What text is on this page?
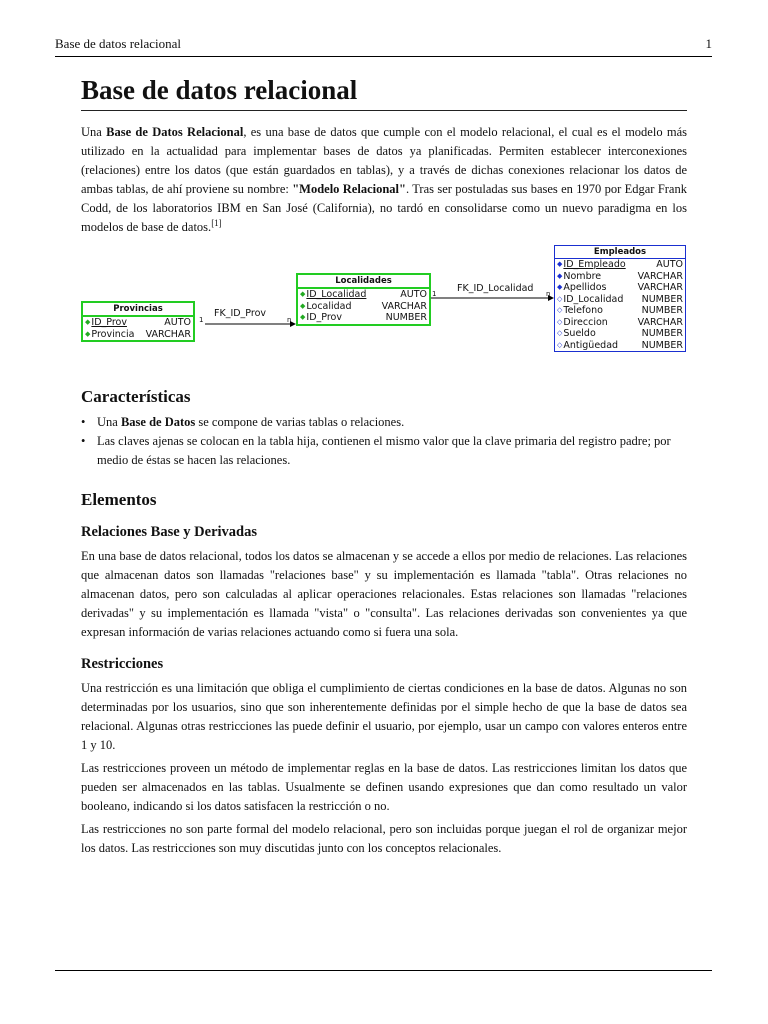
Base de datos relacional	1
Base de datos relacional

Una Base de Datos Relacional, es una base de datos que cumple con el modelo relacional, el cual es el modelo más utilizado en la actualidad para implementar bases de datos ya planificadas. Permiten establecer interconexiones (relaciones) entre los datos (que están guardados en tablas), y a través de dichas conexiones relacionar los datos de ambas tablas, de ahí proviene su nombre: "Modelo Relacional". Tras ser postuladas sus bases en 1970 por Edgar Frank Codd, de los laboratorios IBM en San José (California), no tardó en consolidarse como un nuevo paradigma en los modelos de base de datos.[1]

FK_ID_Prov
1	n
FK_ID_Localidad
1	n
Provincias
◆ ID_Prov	AUTO
◆ Provincia	VARCHAR
Localidades
◆ ID_Localidad	AUTO
◆ Localidad	VARCHAR
◆ ID_Prov	NUMBER
Empleados
◆ ID_Empleado	AUTO
◆ Nombre	VARCHAR
◆ Apellidos	VARCHAR
◇ ID_Localidad	NUMBER
◇ Telefono	NUMBER
◇ Direccion	VARCHAR
◇ Sueldo	NUMBER
◇ Antigüedad	NUMBER
Características
• Una Base de Datos se compone de varias tablas o relaciones.
• Las claves ajenas se colocan en la tabla hija, contienen el mismo valor que la clave primaria del registro padre; por medio de éstas se hacen las relaciones.
Elementos
Relaciones Base y Derivadas

En una base de datos relacional, todos los datos se almacenan y se accede a ellos por medio de relaciones. Las relaciones que almacenan datos son llamadas "relaciones base" y su implementación es llamada "tabla". Otras relaciones no almacenan datos, pero son calculadas al aplicar operaciones relacionales. Estas relaciones son llamadas "relaciones derivadas" y su implementación es llamada "vista" o "consulta". Las relaciones derivadas son convenientes ya que expresan información de varias relaciones actuando como si fuera una sola.

Restricciones

Una restricción es una limitación que obliga el cumplimiento de ciertas condiciones en la base de datos. Algunas no son determinadas por los usuarios, sino que son inherentemente definidas por el simple hecho de que la base de datos sea relacional. Algunas otras restricciones las puede definir el usuario, por ejemplo, usar un campo con valores enteros entre 1 y 10.

Las restricciones proveen un método de implementar reglas en la base de datos. Las restricciones limitan los datos que pueden ser almacenados en las tablas. Usualmente se definen usando expresiones que dan como resultado un valor booleano, indicando si los datos satisfacen la restricción o no.

Las restricciones no son parte formal del modelo relacional, pero son incluidas porque juegan el rol de organizar mejor los datos. Las restricciones son muy discutidas junto con los conceptos relacionales.
